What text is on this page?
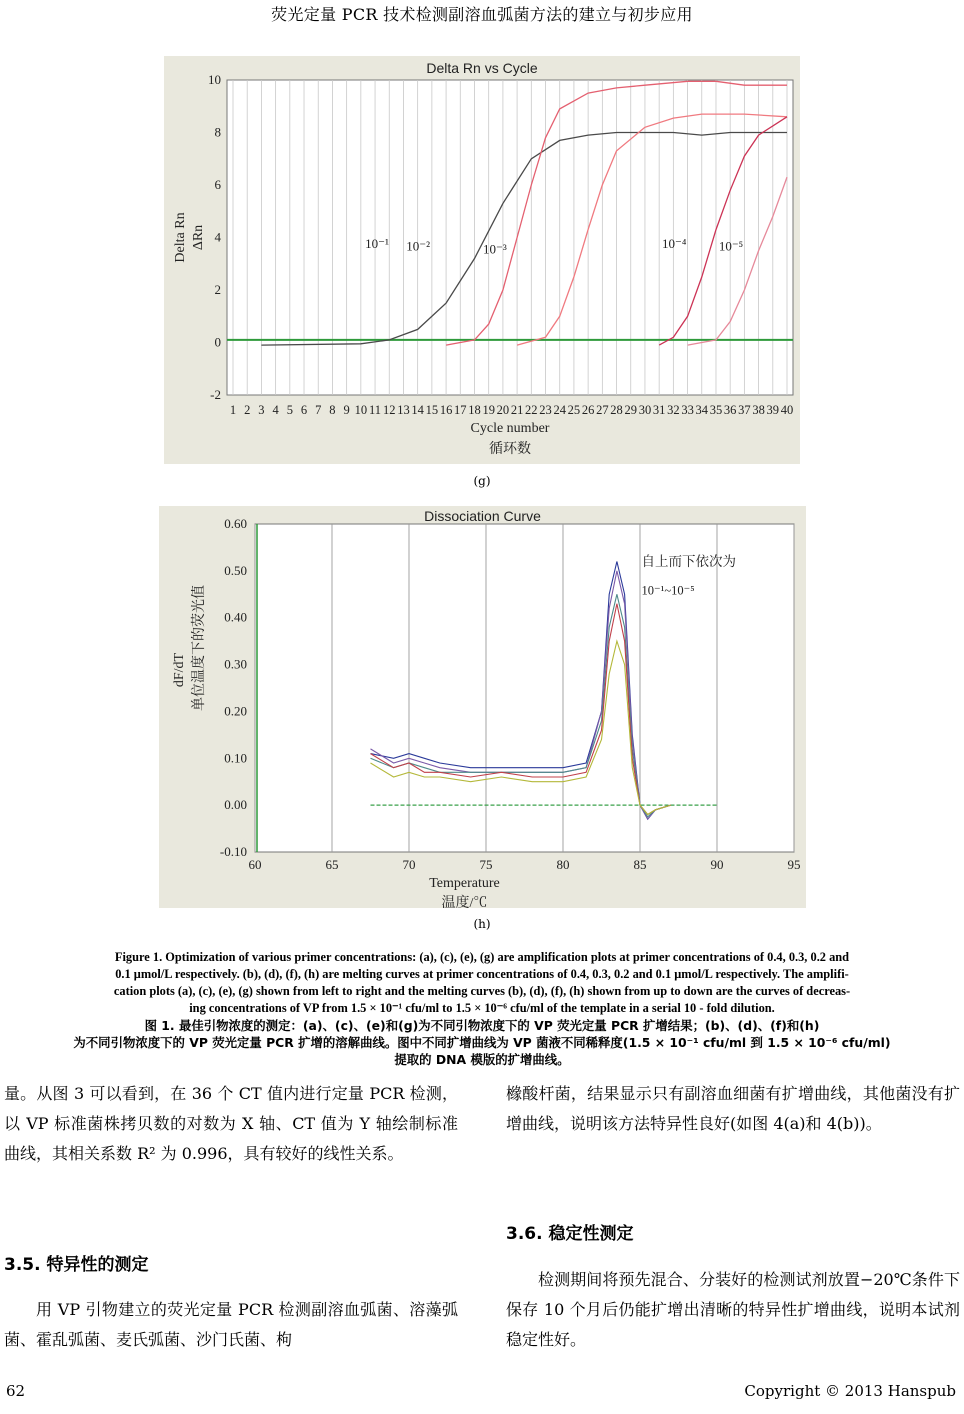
荧光定量 PCR 技术检测副溶血弧菌方法的建立与初步应用
Delta Rn vs Cycle
10
8
6
4
2
0
-2
1 2 3 4 5 6 7 8 9 10 11 12 13 14 15 16 17 18 19 20 21 22 23 24 25 26 27 28 29 30 31 32 33 34 35 36 37 38 39 40
10⁻¹ 10⁻²	10⁻³	10⁻⁴ 10⁻⁵
Cycle number
循环数
Delta Rn ΔRn
(g)
Dissociation Curve
60	65	70	75	80	85	90	95
0.60
0.50
0.40
0.30
0.20
0.10
0.00
-0.10
自上而下依次为
10⁻¹~10⁻⁵
Temperature
温度/℃
dF/dT 单位温度下的荧光值
(h)
Figure 1. Optimization of various primer concentrations: (a), (c), (e), (g) are amplification plots at primer concentrations of 0.4, 0.3, 0.2 and
0.1 μmol/L respectively. (b), (d), (f), (h) are melting curves at primer concentrations of 0.4, 0.3, 0.2 and 0.1 μmol/L respectively. The amplifi-
cation plots (a), (c), (e), (g) shown from left to right and the melting curves (b), (d), (f), (h) shown from up to down are the curves of decreas-
ing concentrations of VP from 1.5 × 10⁻¹ cfu/ml to 1.5 × 10⁻⁶ cfu/ml of the template in a serial 10 - fold dilution.
图 1. 最佳引物浓度的测定：(a)、(c)、(e)和(g)为不同引物浓度下的 VP 荧光定量 PCR 扩增结果；(b)、(d)、(f)和(h)
为不同引物浓度下的 VP 荧光定量 PCR 扩增的溶解曲线。图中不同扩增曲线为 VP 菌液不同稀释度(1.5 × 10⁻¹ cfu/ml 到 1.5 × 10⁻⁶ cfu/ml)
提取的 DNA 模版的扩增曲线。

量。从图 3 可以看到，在 36 个 CT 值内进行定量 PCR 检测，以 VP 标准菌株拷贝数的对数为 X 轴、CT 值为 Y 轴绘制标准曲线，其相关系数 R² 为 0.996，具有较好的线性关系。

3.5. 特异性的测定

用 VP 引物建立的荧光定量 PCR 检测副溶血弧菌、溶藻弧菌、霍乱弧菌、麦氏弧菌、沙门氏菌、枸

橼酸杆菌，结果显示只有副溶血细菌有扩增曲线，其他菌没有扩增曲线，说明该方法特异性良好(如图 4(a)和 4(b))。

3.6. 稳定性测定

检测期间将预先混合、分装好的检测试剂放置−20℃条件下保存 10 个月后仍能扩增出清晰的特异性扩增曲线，说明本试剂稳定性好。

62	Copyright © 2013 Hanspub
